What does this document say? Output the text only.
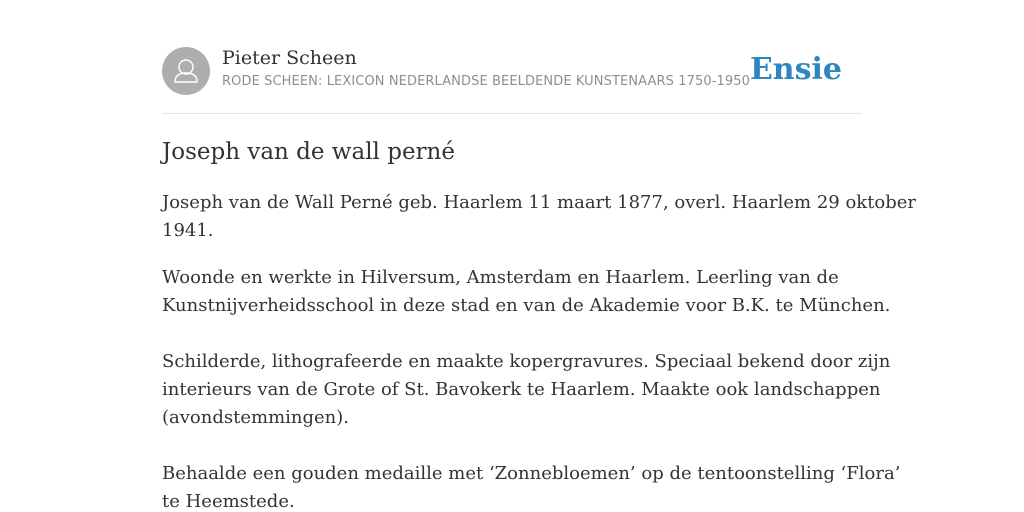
Pieter Scheen
RODE SCHEEN: LEXICON NEDERLANDSE BEELDENDE KUNSTENAARS 1750-1950 Ensie
Joseph van de wall perné

Joseph van de Wall Perné geb. Haarlem 11 maart 1877, overl. Haarlem 29 oktober
1941.

Woonde en werkte in Hilversum, Amsterdam en Haarlem. Leerling van de
Kunstnijverheidsschool in deze stad en van de Akademie voor B.K. te München.

Schilderde, lithografeerde en maakte kopergravures. Speciaal bekend door zijn
interieurs van de Grote of St. Bavokerk te Haarlem. Maakte ook landschappen
(avondstemmingen).

Behaalde een gouden medaille met ‘Zonnebloemen’ op de tentoonstelling ‘Flora’
te Heemstede.
